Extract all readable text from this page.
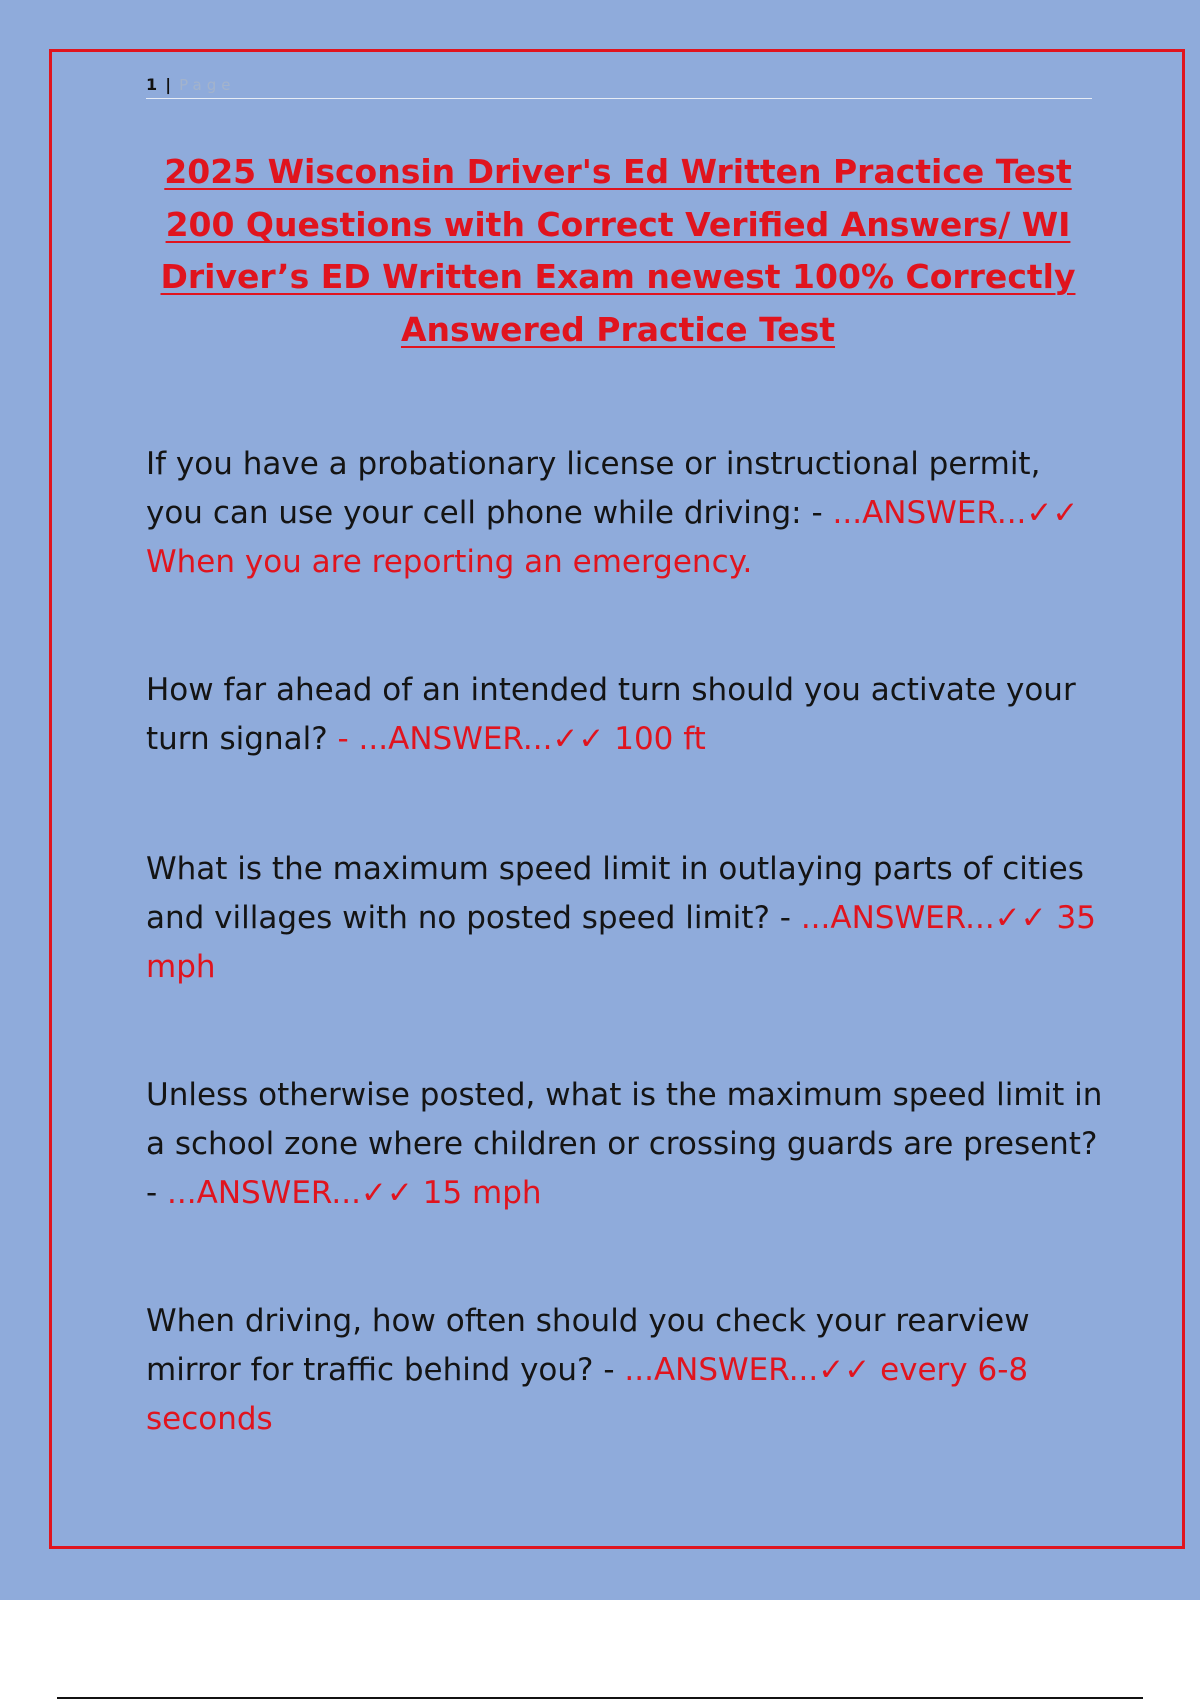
1 | Page
2025 Wisconsin Driver's Ed Written Practice Test 200 Questions with Correct Verified Answers/ WI Driver’s ED Written Exam newest 100% Correctly Answered Practice Test

If you have a probationary license or instructional permit, you can use your cell phone while driving: - ...ANSWER...✓✓ When you are reporting an emergency.

How far ahead of an intended turn should you activate your turn signal? - ...ANSWER...✓✓ 100 ft

What is the maximum speed limit in outlaying parts of cities and villages with no posted speed limit? - ...ANSWER...✓✓ 35 mph

Unless otherwise posted, what is the maximum speed limit in a school zone where children or crossing guards are present? - ...ANSWER...✓✓ 15 mph

When driving, how often should you check your rearview mirror for traffic behind you? - ...ANSWER...✓✓ every 6-8 seconds
